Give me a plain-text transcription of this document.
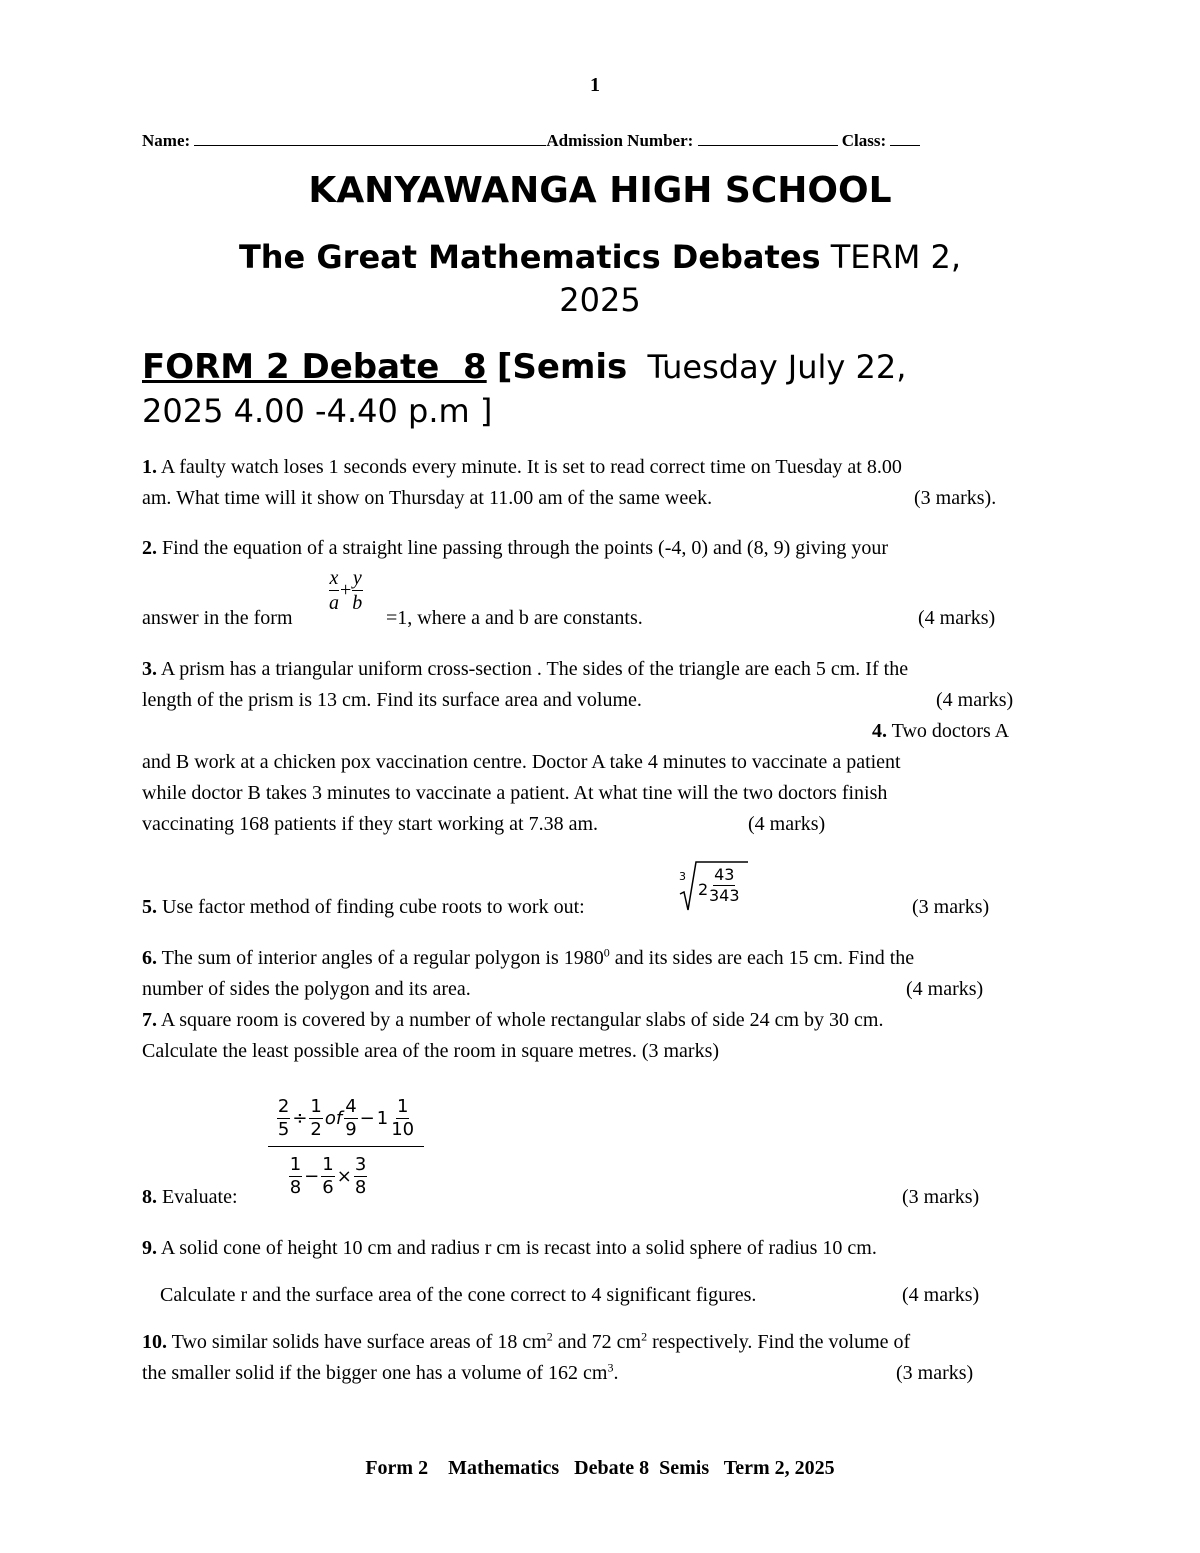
1
Name:	Admission Number:	Class:
KANYAWANGA HIGH SCHOOL
The Great Mathematics Debates TERM 2,
2025
FORM 2 Debate  8 [Semis Tuesday July 22,
2025 4.00 -4.40 p.m ]
1. A faulty watch loses 1 seconds every minute. It is set to read correct time on Tuesday at 8.00
am. What time will it show on Thursday at 11.00 am of the same week.	(3 marks).
2. Find the equation of a straight line passing through the points (-4, 0) and (8, 9) giving your
$\frac{x}{a} + \frac{y}{b}$
answer in the form	=1, where a and b are constants.	(4 marks)
3. A prism has a triangular uniform cross-section . The sides of the triangle are each 5 cm. If the
length of the prism is 13 cm. Find its surface area and volume.	(4 marks)
4. Two doctors A
and B work at a chicken pox vaccination centre. Doctor A take 4 minutes to vaccinate a patient
while doctor B takes 3 minutes to vaccinate a patient. At what tine will the two doctors finish
vaccinating 168 patients if they start working at 7.38 am.	(4 marks)
5. Use factor method of finding cube roots to work out:
3
$2 \frac{43}{343}$
(3 marks)
6. The sum of interior angles of a regular polygon is 1980$^0$ and its sides are each 15 cm. Find the
number of sides the polygon and its area.	(4 marks)
7. A square room is covered by a number of whole rectangular slabs of side 24 cm by 30 cm.
Calculate the least possible area of the room in square metres. (3 marks)
$\frac{2}{5} \div \frac{1}{2}$ of $\frac{4}{9} - 1 \frac{1}{10}$
$\frac{1}{8} - \frac{1}{6} \times \frac{3}{8}$
8. Evaluate:	(3 marks)
9. A solid cone of height 10 cm and radius r cm is recast into a solid sphere of radius 10 cm.
Calculate r and the surface area of the cone correct to 4 significant figures.	(4 marks)
10. Two similar solids have surface areas of 18 $cm^2$ and 72 $cm^2$ respectively. Find the volume of
the smaller solid if the bigger one has a volume of 162 $cm^3$.	(3 marks)
Form 2    Mathematics   Debate 8  Semis   Term 2, 2025
